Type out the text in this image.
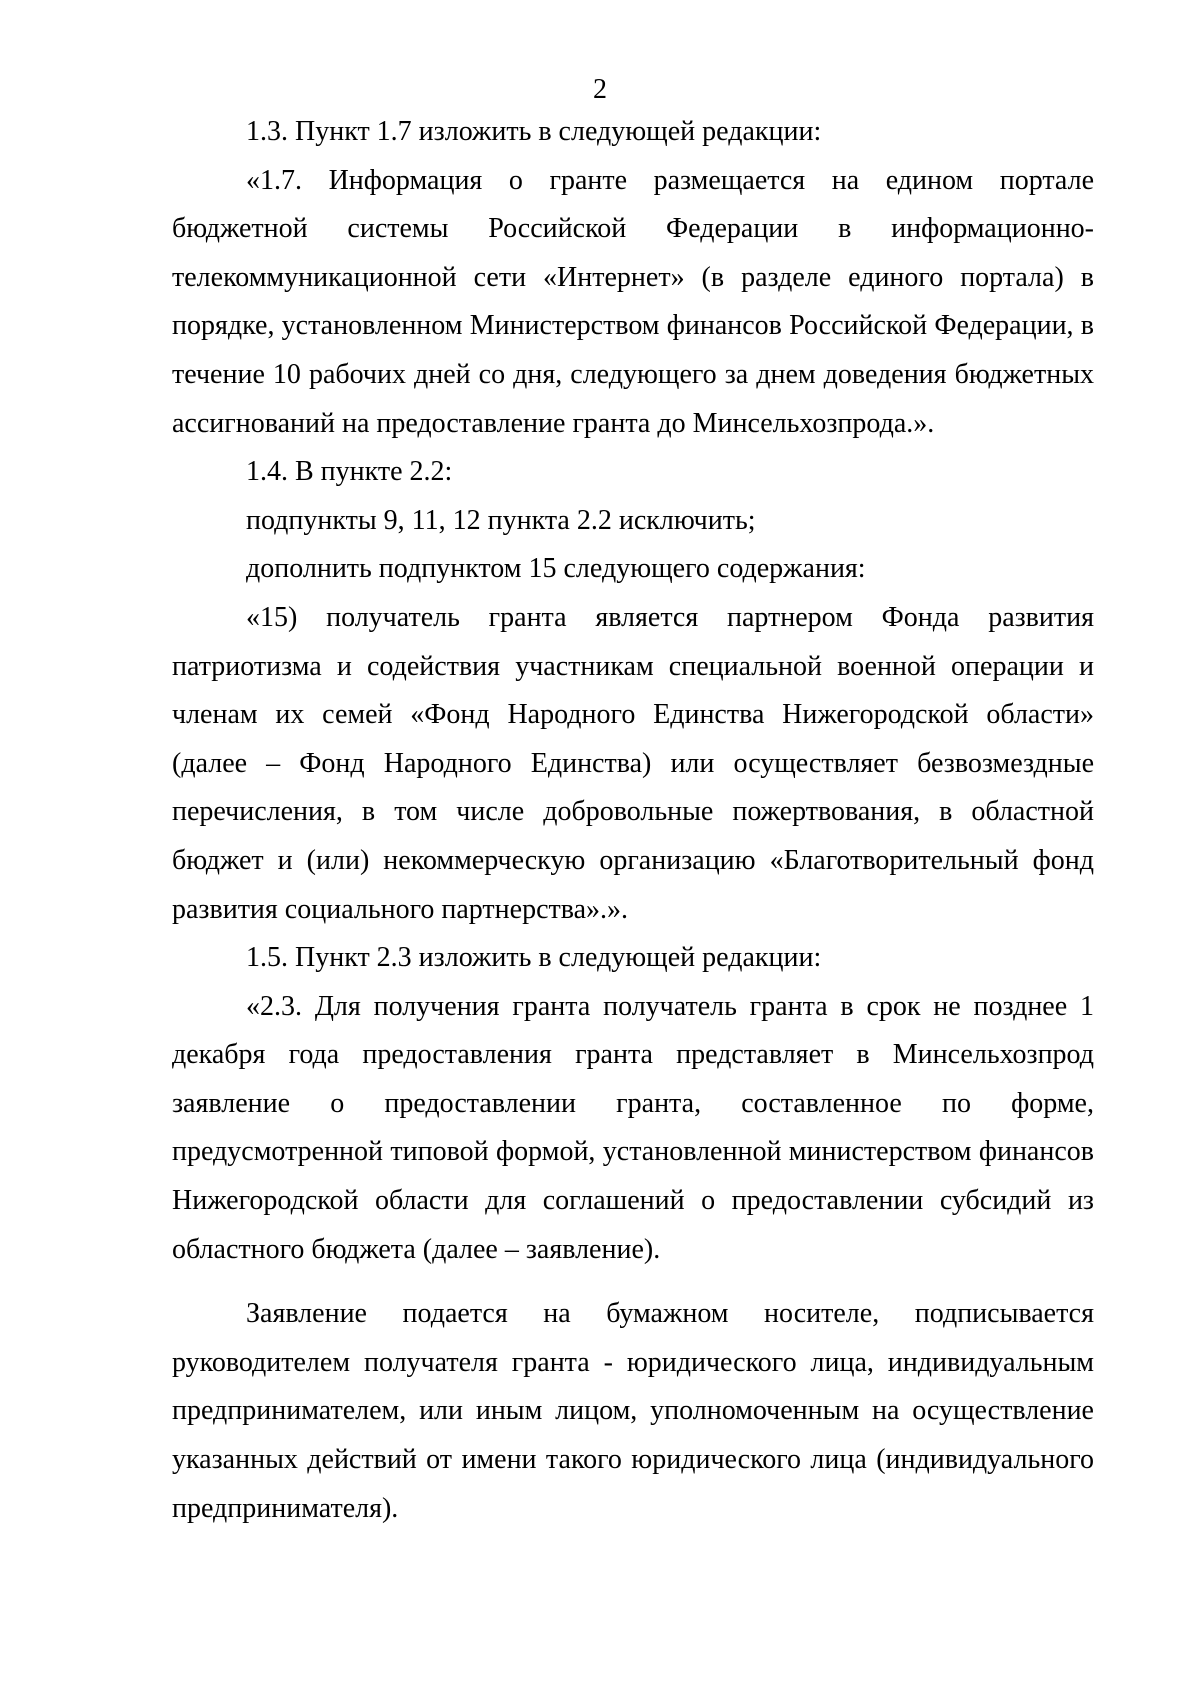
2

1.3. Пункт 1.7 изложить в следующей редакции:

«1.7. Информация о гранте размещается на едином портале бюджетной системы Российской Федерации в информационно-телекоммуникационной сети «Интернет» (в разделе единого портала) в порядке, установленном Министерством финансов Российской Федерации, в течение 10 рабочих дней со дня, следующего за днем доведения бюджетных ассигнований на предоставление гранта до Минсельхозпрода.».

1.4. В пункте 2.2:

подпункты 9, 11, 12 пункта 2.2 исключить;

дополнить подпунктом 15 следующего содержания:

«15) получатель гранта является партнером Фонда развития патриотизма и содействия участникам специальной военной операции и членам их семей «Фонд Народного Единства Нижегородской области» (далее – Фонд Народного Единства) или осуществляет безвозмездные перечисления, в том числе добровольные пожертвования, в областной бюджет и (или) некоммерческую организацию «Благотворительный фонд развития социального партнерства».».

1.5. Пункт 2.3 изложить в следующей редакции:

«2.3. Для получения гранта получатель гранта в срок не позднее 1 декабря года предоставления гранта представляет в Минсельхозпрод заявление о предоставлении гранта, составленное по форме, предусмотренной типовой формой, установленной министерством финансов Нижегородской области для соглашений о предоставлении субсидий из областного бюджета (далее – заявление).

Заявление подается на бумажном носителе, подписывается руководителем получателя гранта - юридического лица, индивидуальным предпринимателем, или иным лицом, уполномоченным на осуществление указанных действий от имени такого юридического лица (индивидуального предпринимателя).
